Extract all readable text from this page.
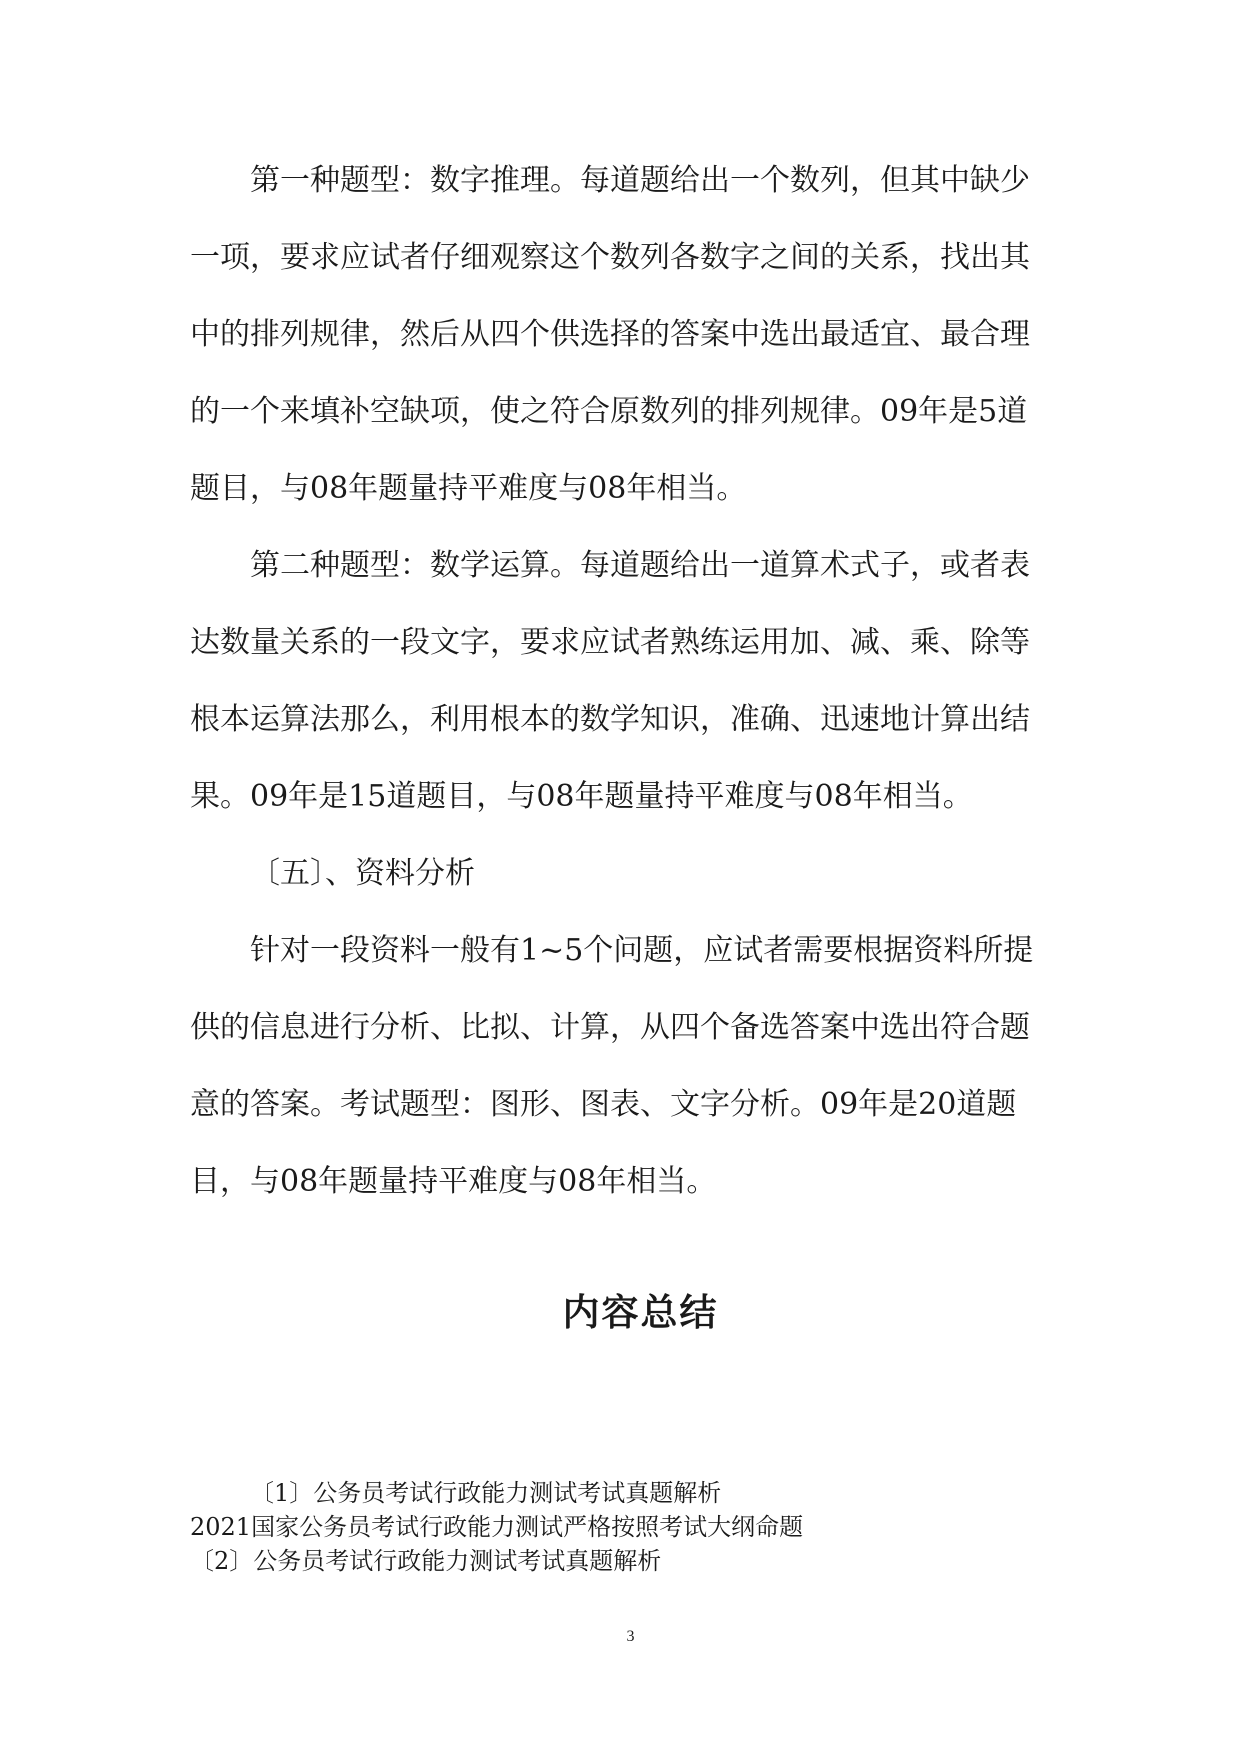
第一种题型：数字推理。每道题给出一个数列，但其中缺少一项，要求应试者仔细观察这个数列各数字之间的关系，找出其中的排列规律，然后从四个供选择的答案中选出最适宜、最合理的一个来填补空缺项，使之符合原数列的排列规律。09年是5道题目，与08年题量持平难度与08年相当。

第二种题型：数学运算。每道题给出一道算术式子，或者表达数量关系的一段文字，要求应试者熟练运用加、减、乘、除等根本运算法那么，利用根本的数学知识，准确、迅速地计算出结果。09年是15道题目，与08年题量持平难度与08年相当。

〔五〕、资料分析

针对一段资料一般有1~5个问题，应试者需要根据资料所提供的信息进行分析、比拟、计算，从四个备选答案中选出符合题意的答案。考试题型：图形、图表、文字分析。09年是20道题目，与08年题量持平难度与08年相当。

内容总结
〔1〕公务员考试行政能力测试考试真题解析
2021国家公务员考试行政能力测试严格按照考试大纲命题
〔2〕公务员考试行政能力测试考试真题解析
3
